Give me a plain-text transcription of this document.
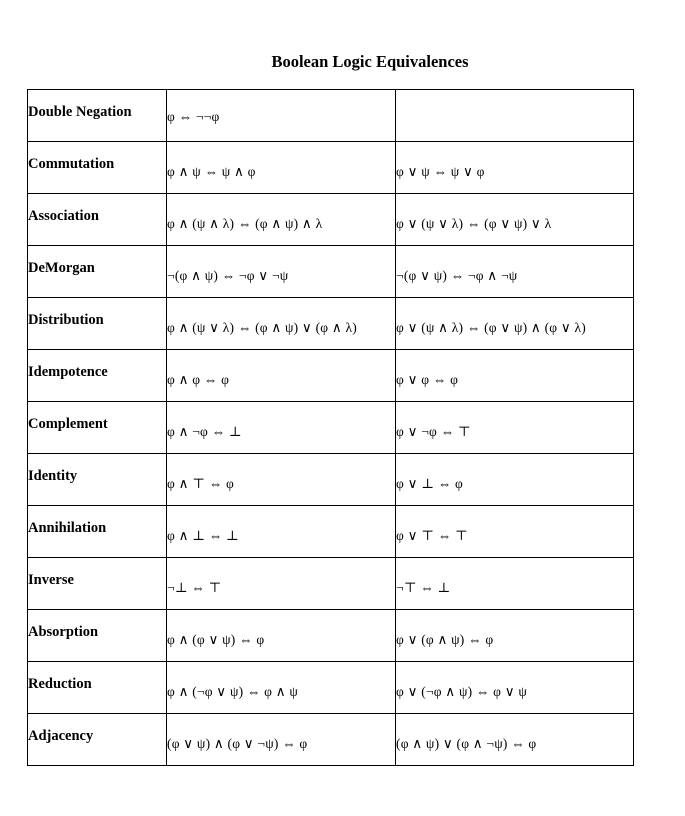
Boolean Logic Equivalences
Double Negation	φ ⇔ ¬¬φ	
Commutation	φ ∧ ψ ⇔ ψ ∧ φ	φ ∨ ψ ⇔ ψ ∨ φ
Association	φ ∧ (ψ ∧ λ) ⇔ (φ ∧ ψ) ∧ λ	φ ∨ (ψ ∨ λ) ⇔ (φ ∨ ψ) ∨ λ
DeMorgan	¬(φ ∧ ψ) ⇔ ¬φ ∨ ¬ψ	¬(φ ∨ ψ) ⇔ ¬φ ∧ ¬ψ
Distribution	φ ∧ (ψ ∨ λ) ⇔ (φ ∧ ψ) ∨ (φ ∧ λ)	φ ∨ (ψ ∧ λ) ⇔ (φ ∨ ψ) ∧ (φ ∨ λ)
Idempotence	φ ∧ φ ⇔ φ	φ ∨ φ ⇔ φ
Complement	φ ∧ ¬φ ⇔ ⊥	φ ∨ ¬φ ⇔ ⊤
Identity	φ ∧ ⊤ ⇔ φ	φ ∨ ⊥ ⇔ φ
Annihilation	φ ∧ ⊥ ⇔ ⊥	φ ∨ ⊤ ⇔ ⊤
Inverse	¬⊥ ⇔ ⊤	¬⊤ ⇔ ⊥
Absorption	φ ∧ (φ ∨ ψ) ⇔ φ	φ ∨ (φ ∧ ψ) ⇔ φ
Reduction	φ ∧ (¬φ ∨ ψ) ⇔ φ ∧ ψ	φ ∨ (¬φ ∧ ψ) ⇔ φ ∨ ψ
Adjacency	(φ ∨ ψ) ∧ (φ ∨ ¬ψ) ⇔ φ	(φ ∧ ψ) ∨ (φ ∧ ¬ψ) ⇔ φ
